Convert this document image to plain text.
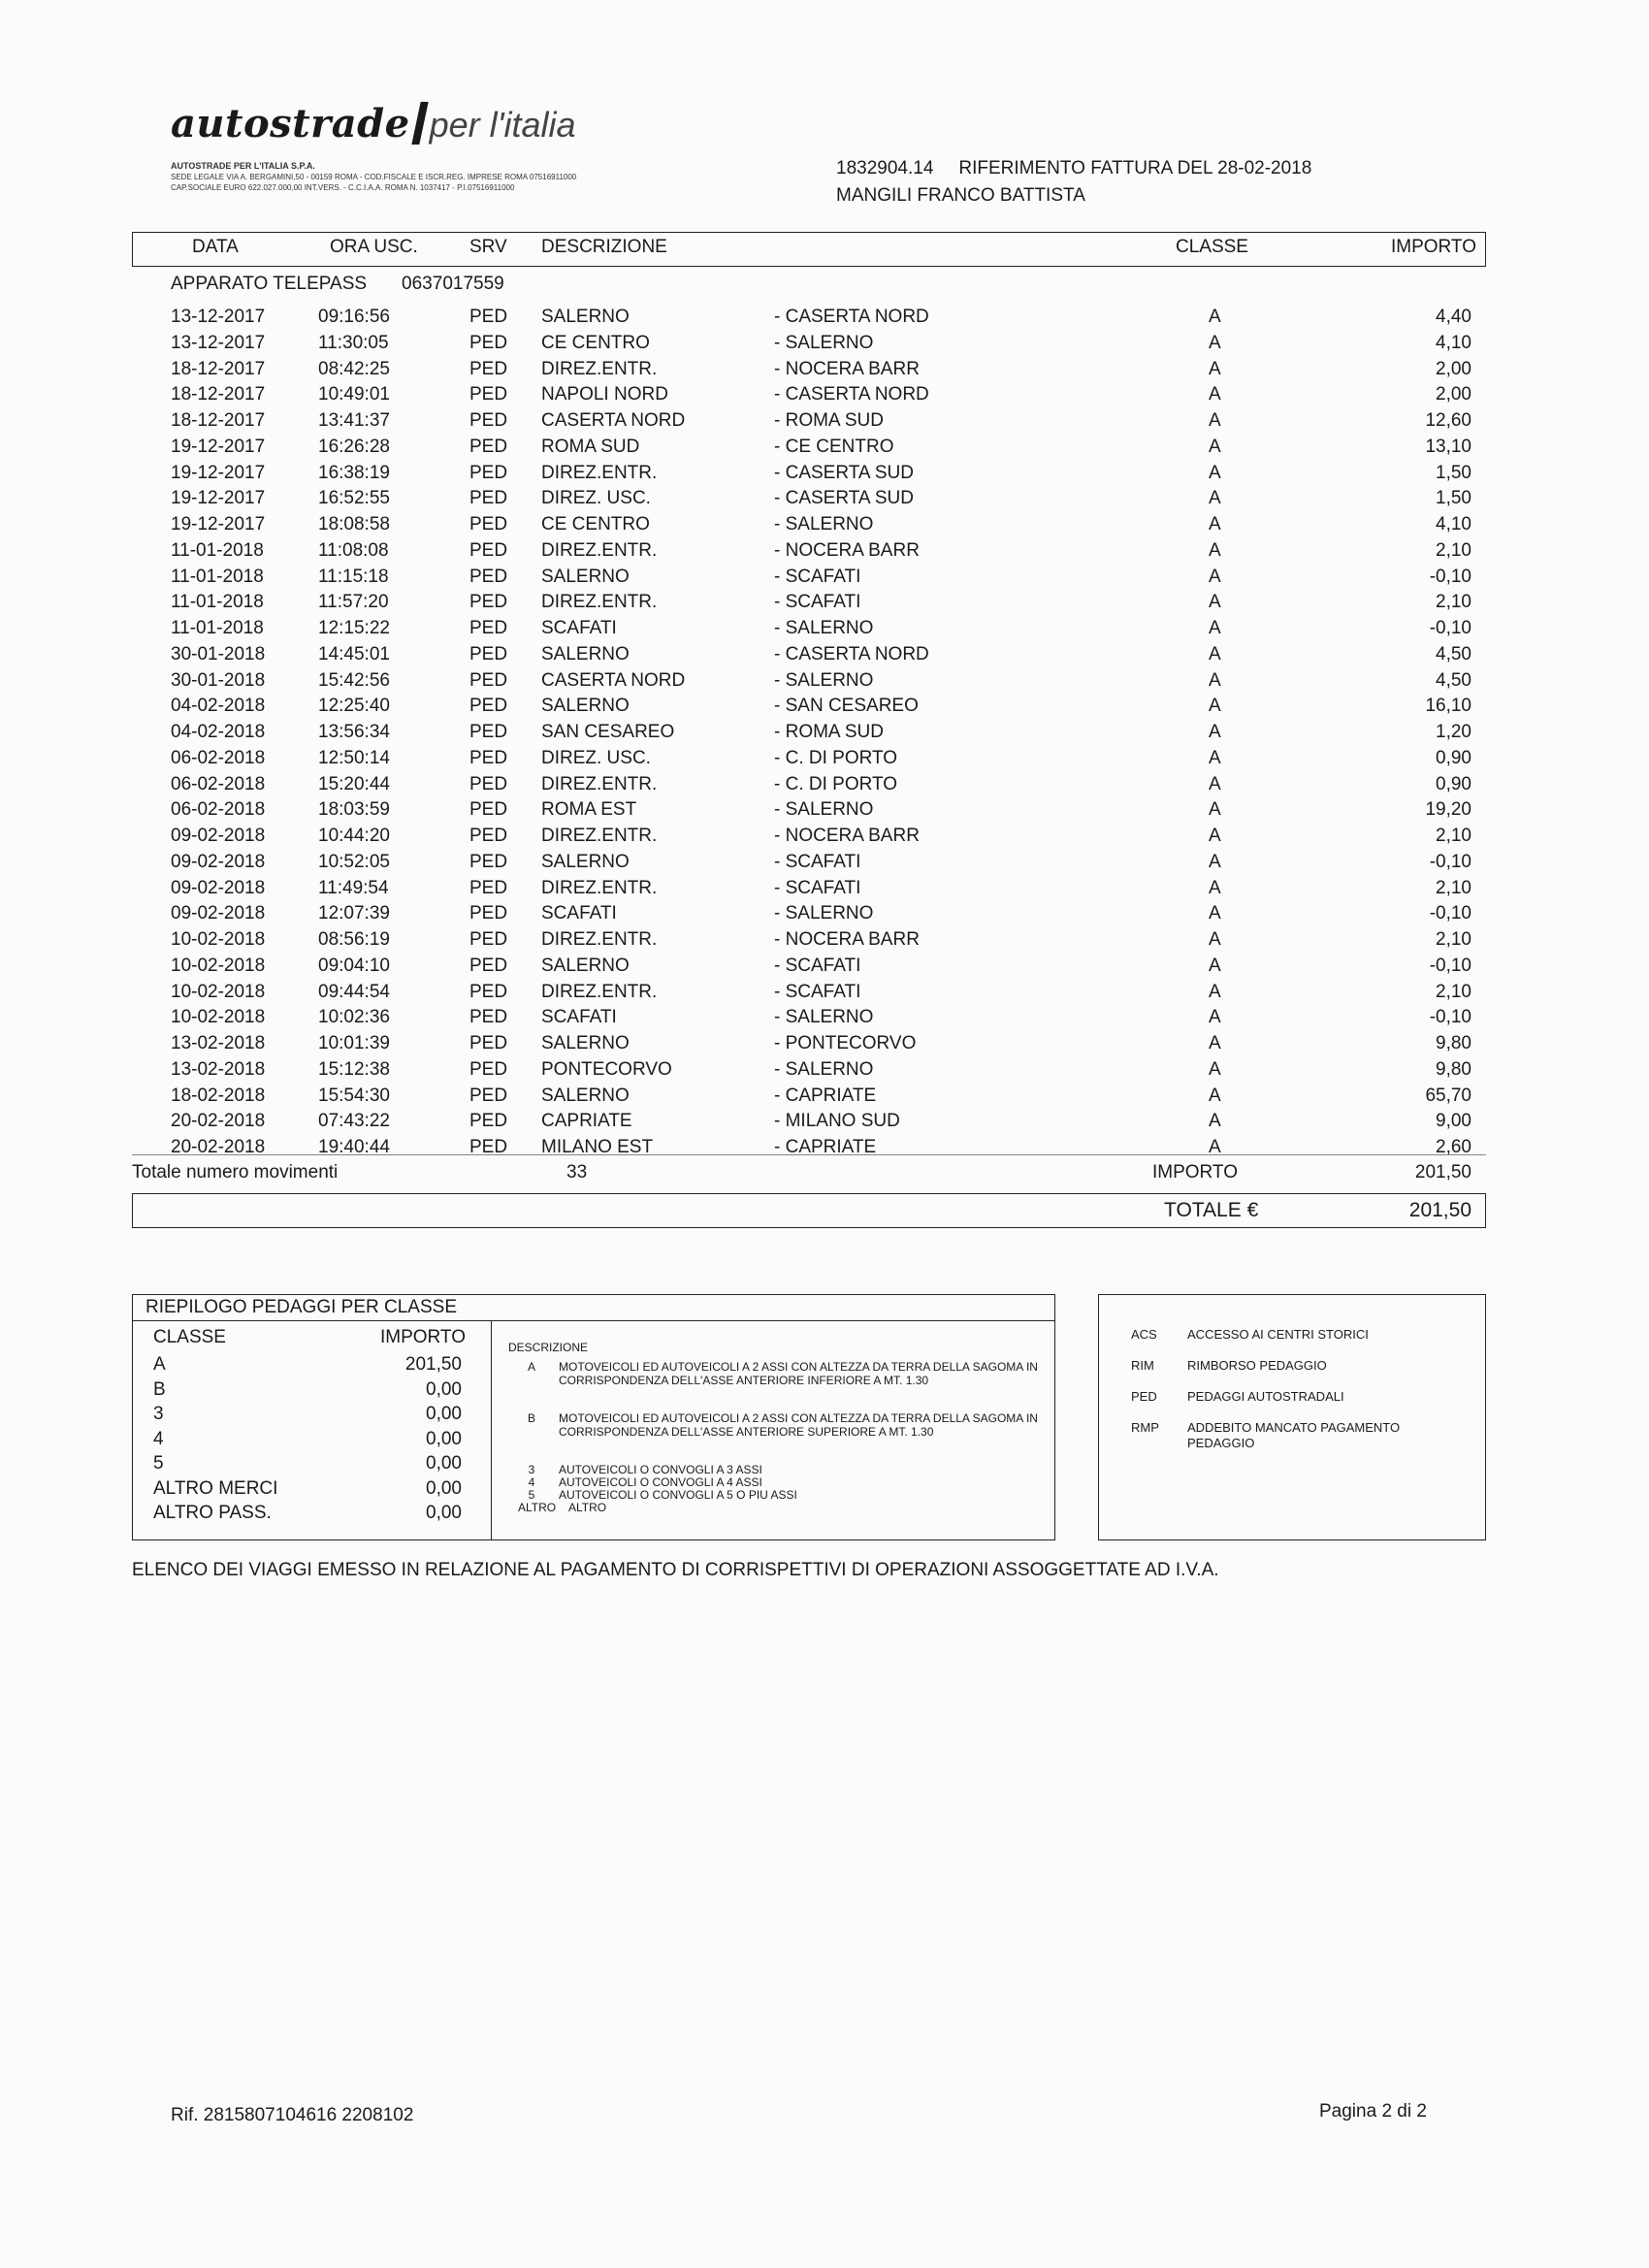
autostrade per l'italia
AUTOSTRADE PER L'ITALIA S.P.A.
SEDE LEGALE VIA A. BERGAMINI,50 - 00159 ROMA - COD.FISCALE E ISCR.REG. IMPRESE ROMA 07516911000
CAP.SOCIALE EURO 622.027.000,00 INT.VERS. - C.C.I.A.A. ROMA N. 1037417 - P.I.07516911000
1832904.14 RIFERIMENTO FATTURA DEL 28-02-2018
MANGILI FRANCO BATTISTA
DATA	ORA USC.	SRV DESCRIZIONE	CLASSE	IMPORTO
APPARATO TELEPASS 0637017559
13-12-2017	09:16:56	PED SALERNO	- CASERTA NORD	A	4,40
13-12-2017	11:30:05	PED CE CENTRO	- SALERNO	A	4,10
18-12-2017	08:42:25	PED DIREZ.ENTR.	- NOCERA BARR	A	2,00
18-12-2017	10:49:01	PED NAPOLI NORD	- CASERTA NORD	A	2,00
18-12-2017	13:41:37	PED CASERTA NORD	- ROMA SUD	A	12,60
19-12-2017	16:26:28	PED ROMA SUD	- CE CENTRO	A	13,10
19-12-2017	16:38:19	PED DIREZ.ENTR.	- CASERTA SUD	A	1,50
19-12-2017	16:52:55	PED DIREZ. USC.	- CASERTA SUD	A	1,50
19-12-2017	18:08:58	PED CE CENTRO	- SALERNO	A	4,10
11-01-2018	11:08:08	PED DIREZ.ENTR.	- NOCERA BARR	A	2,10
11-01-2018	11:15:18	PED SALERNO	- SCAFATI	A	-0,10
11-01-2018	11:57:20	PED DIREZ.ENTR.	- SCAFATI	A	2,10
11-01-2018	12:15:22	PED SCAFATI	- SALERNO	A	-0,10
30-01-2018	14:45:01	PED SALERNO	- CASERTA NORD	A	4,50
30-01-2018	15:42:56	PED CASERTA NORD	- SALERNO	A	4,50
04-02-2018	12:25:40	PED SALERNO	- SAN CESAREO	A	16,10
04-02-2018	13:56:34	PED SAN CESAREO	- ROMA SUD	A	1,20
06-02-2018	12:50:14	PED DIREZ. USC.	- C. DI PORTO	A	0,90
06-02-2018	15:20:44	PED DIREZ.ENTR.	- C. DI PORTO	A	0,90
06-02-2018	18:03:59	PED ROMA EST	- SALERNO	A	19,20
09-02-2018	10:44:20	PED DIREZ.ENTR.	- NOCERA BARR	A	2,10
09-02-2018	10:52:05	PED SALERNO	- SCAFATI	A	-0,10
09-02-2018	11:49:54	PED DIREZ.ENTR.	- SCAFATI	A	2,10
09-02-2018	12:07:39	PED SCAFATI	- SALERNO	A	-0,10
10-02-2018	08:56:19	PED DIREZ.ENTR.	- NOCERA BARR	A	2,10
10-02-2018	09:04:10	PED SALERNO	- SCAFATI	A	-0,10
10-02-2018	09:44:54	PED DIREZ.ENTR.	- SCAFATI	A	2,10
10-02-2018	10:02:36	PED SCAFATI	- SALERNO	A	-0,10
13-02-2018	10:01:39	PED SALERNO	- PONTECORVO	A	9,80
13-02-2018	15:12:38	PED PONTECORVO	- SALERNO	A	9,80
18-02-2018	15:54:30	PED SALERNO	- CAPRIATE	A	65,70
20-02-2018	07:43:22	PED CAPRIATE	- MILANO SUD	A	9,00
20-02-2018	19:40:44	PED MILANO EST	- CAPRIATE	A	2,60
Totale numero movimenti	33	IMPORTO	201,50
TOTALE €	201,50
RIEPILOGO PEDAGGI PER CLASSE
CLASSE	IMPORTO
A	201,50
B	0,00
3	0,00
4	0,00
5	0,00
ALTRO MERCI	0,00
ALTRO PASS.	0,00
DESCRIZIONE
A	MOTOVEICOLI ED AUTOVEICOLI A 2 ASSI CON ALTEZZA DA TERRA DELLA SAGOMA IN CORRISPONDENZA DELL'ASSE ANTERIORE INFERIORE A MT. 1.30
B	MOTOVEICOLI ED AUTOVEICOLI A 2 ASSI CON ALTEZZA DA TERRA DELLA SAGOMA IN CORRISPONDENZA DELL'ASSE ANTERIORE SUPERIORE A MT. 1.30
3	AUTOVEICOLI O CONVOGLI A 3 ASSI
4	AUTOVEICOLI O CONVOGLI A 4 ASSI
5	AUTOVEICOLI O CONVOGLI A 5 O PIU ASSI
ALTRO ALTRO
ACS ACCESSO AI CENTRI STORICI
RIM	RIMBORSO PEDAGGIO
PED PEDAGGI AUTOSTRADALI
RMP ADDEBITO MANCATO PAGAMENTO PEDAGGIO
ELENCO DEI VIAGGI EMESSO IN RELAZIONE AL PAGAMENTO DI CORRISPETTIVI DI OPERAZIONI ASSOGGETTATE AD I.V.A.
Rif. 2815807104616 2208102	Pagina 2 di 2
